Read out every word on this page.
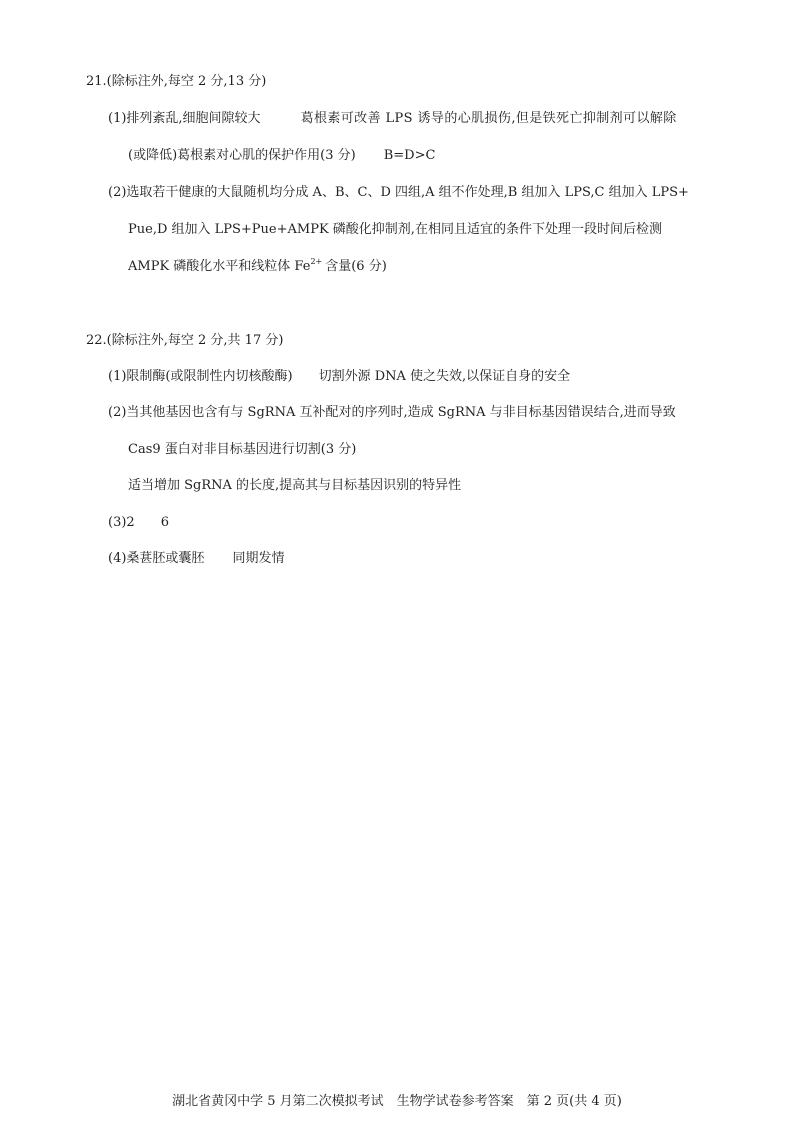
21.(除标注外,每空 2 分,13 分)
(1)排列紊乱,细胞间隙较大	葛根素可改善 LPS 诱导的心肌损伤,但是铁死亡抑制剂可以解除
(或降低)葛根素对心肌的保护作用(3 分) B=D>C
(2)选取若干健康的大鼠随机均分成 A、B、C、D 四组,A 组不作处理,B 组加入 LPS,C 组加入 LPS+
Pue,D 组加入 LPS+Pue+AMPK 磷酸化抑制剂,在相同且适宜的条件下处理一段时间后检测
AMPK 磷酸化水平和线粒体 $Fe^{2+}$ 含量(6 分)
22.(除标注外,每空 2 分,共 17 分)
(1)限制酶(或限制性内切核酸酶) 切割外源 DNA 使之失效,以保证自身的安全
(2)当其他基因也含有与 SgRNA 互补配对的序列时,造成 SgRNA 与非目标基因错误结合,进而导致
Cas9 蛋白对非目标基因进行切割(3 分)
适当增加 SgRNA 的长度,提高其与目标基因识别的特异性
(3)2 6
(4)桑葚胚或囊胚 同期发情
湖北省黄冈中学 5 月第二次模拟考试　生物学试卷参考答案　第 2 页(共 4 页)
